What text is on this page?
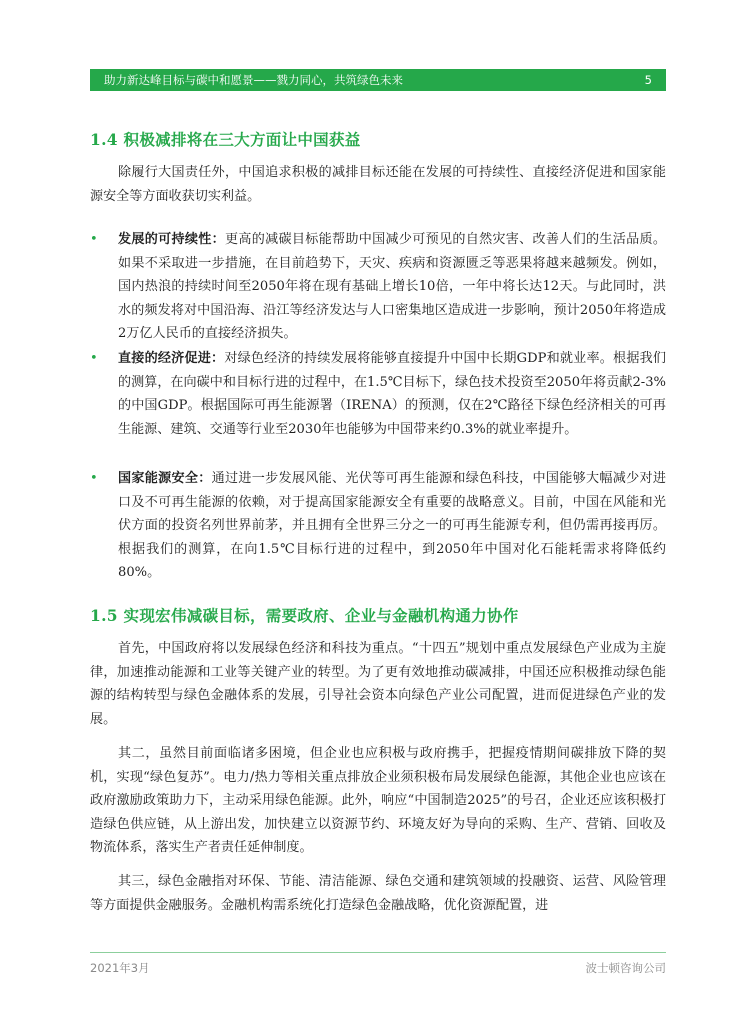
助力新达峰目标与碳中和愿景——戮力同心，共筑绿色未来	5
1.4 积极减排将在三大方面让中国获益

除履行大国责任外，中国追求积极的减排目标还能在发展的可持续性、直接经济促进和国家能源安全等方面收获切实利益。

•	发展的可持续性：更高的减碳目标能帮助中国减少可预见的自然灾害、改善人们的生活品质。如果不采取进一步措施，在目前趋势下，天灾、疾病和资源匮乏等恶果将越来越频发。例如，国内热浪的持续时间至2050年将在现有基础上增长10倍，一年中将长达12天。与此同时，洪水的频发将对中国沿海、沿江等经济发达与人口密集地区造成进一步影响，预计2050年将造成2万亿人民币的直接经济损失。

•	直接的经济促进：对绿色经济的持续发展将能够直接提升中国中长期GDP和就业率。根据我们的测算，在向碳中和目标行进的过程中，在1.5℃目标下，绿色技术投资至2050年将贡献2-3%的中国GDP。根据国际可再生能源署（IRENA）的预测，仅在2℃路径下绿色经济相关的可再生能源、建筑、交通等行业至2030年也能够为中国带来约0.3%的就业率提升。

•	国家能源安全：通过进一步发展风能、光伏等可再生能源和绿色科技，中国能够大幅减少对进口及不可再生能源的依赖，对于提高国家能源安全有重要的战略意义。目前，中国在风能和光伏方面的投资名列世界前茅，并且拥有全世界三分之一的可再生能源专利，但仍需再接再厉。根据我们的测算，在向1.5℃目标行进的过程中，到2050年中国对化石能耗需求将降低约80%。

1.5 实现宏伟减碳目标，需要政府、企业与金融机构通力协作

首先，中国政府将以发展绿色经济和科技为重点。“十四五”规划中重点发展绿色产业成为主旋律，加速推动能源和工业等关键产业的转型。为了更有效地推动碳减排，中国还应积极推动绿色能源的结构转型与绿色金融体系的发展，引导社会资本向绿色产业公司配置，进而促进绿色产业的发展。

其二，虽然目前面临诸多困境，但企业也应积极与政府携手，把握疫情期间碳排放下降的契机，实现“绿色复苏”。电力/热力等相关重点排放企业须积极布局发展绿色能源，其他企业也应该在政府激励政策助力下，主动采用绿色能源。此外，响应“中国制造2025”的号召，企业还应该积极打造绿色供应链，从上游出发，加快建立以资源节约、环境友好为导向的采购、生产、营销、回收及物流体系，落实生产者责任延伸制度。

其三，绿色金融指对环保、节能、清洁能源、绿色交通和建筑领域的投融资、运营、风险管理等方面提供金融服务。金融机构需系统化打造绿色金融战略，优化资源配置，进

2021年3月	波士顿咨询公司
